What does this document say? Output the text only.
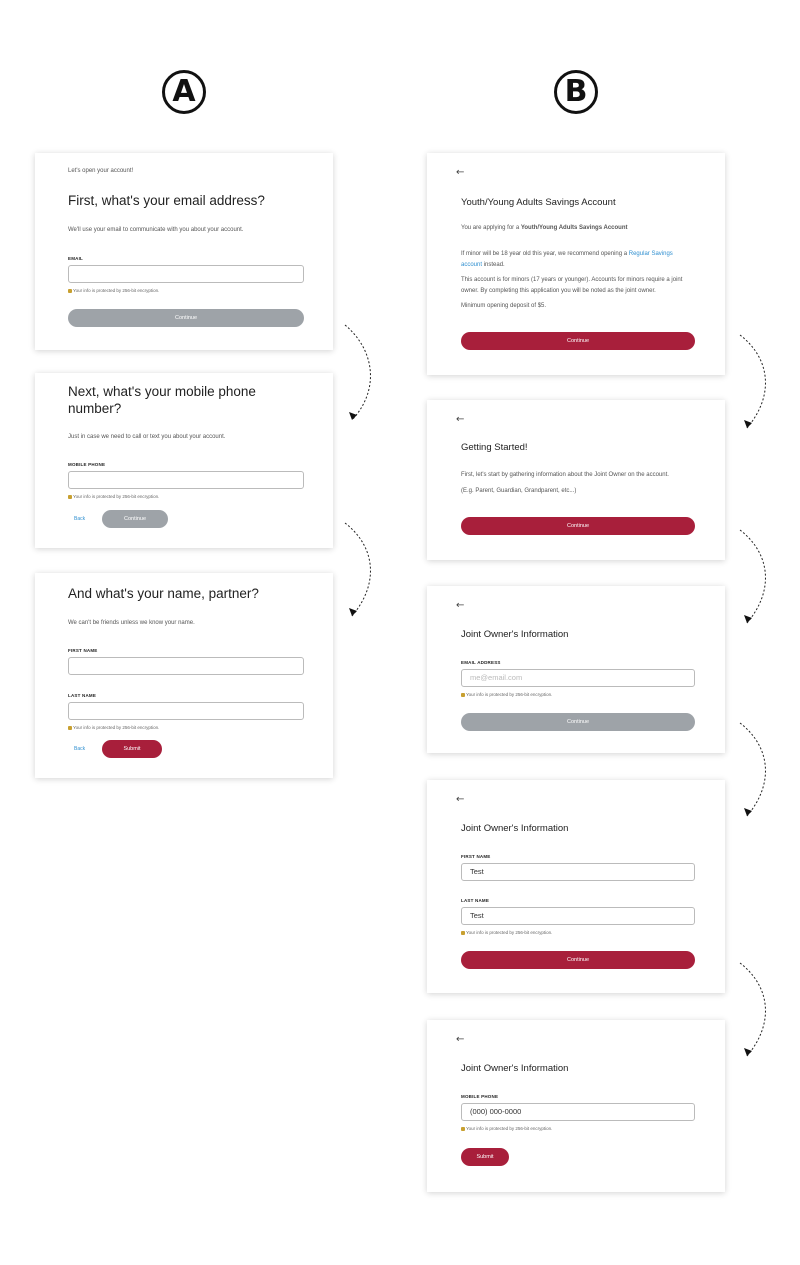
A	B
Let's open your account!
First, what's your email address?
We'll use your email to communicate with you about your account.
EMAIL
Your info is protected by 256-bit encryption.
Continue
Next, what's your mobile phone
number?
Just in case we need to call or text you about your account.
MOBILE PHONE
Your info is protected by 256-bit encryption.
Back	Continue
And what's your name, partner?
We can't be friends unless we know your name.
FIRST NAME
LAST NAME
Your info is protected by 256-bit encryption.
Back	Submit
←
Youth/Young Adults Savings Account
You are applying for a Youth/Young Adults Savings Account
If minor will be 18 year old this year, we recommend opening a Regular Savings
account instead.
This account is for minors (17 years or younger). Accounts for minors require a joint
owner. By completing this application you will be noted as the joint owner.
Minimum opening deposit of $5.
Continue
←
Getting Started!
First, let's start by gathering information about the Joint Owner on the account.
(E.g. Parent, Guardian, Grandparent, etc...)
Continue
←
Joint Owner's Information
EMAIL ADDRESS
me@email.com
Your info is protected by 256-bit encryption.
Continue
←
Joint Owner's Information
FIRST NAME
Test
LAST NAME
Test
Your info is protected by 256-bit encryption.
Continue
←
Joint Owner's Information
MOBILE PHONE
(000) 000-0000
Your info is protected by 256-bit encryption.
Submit
